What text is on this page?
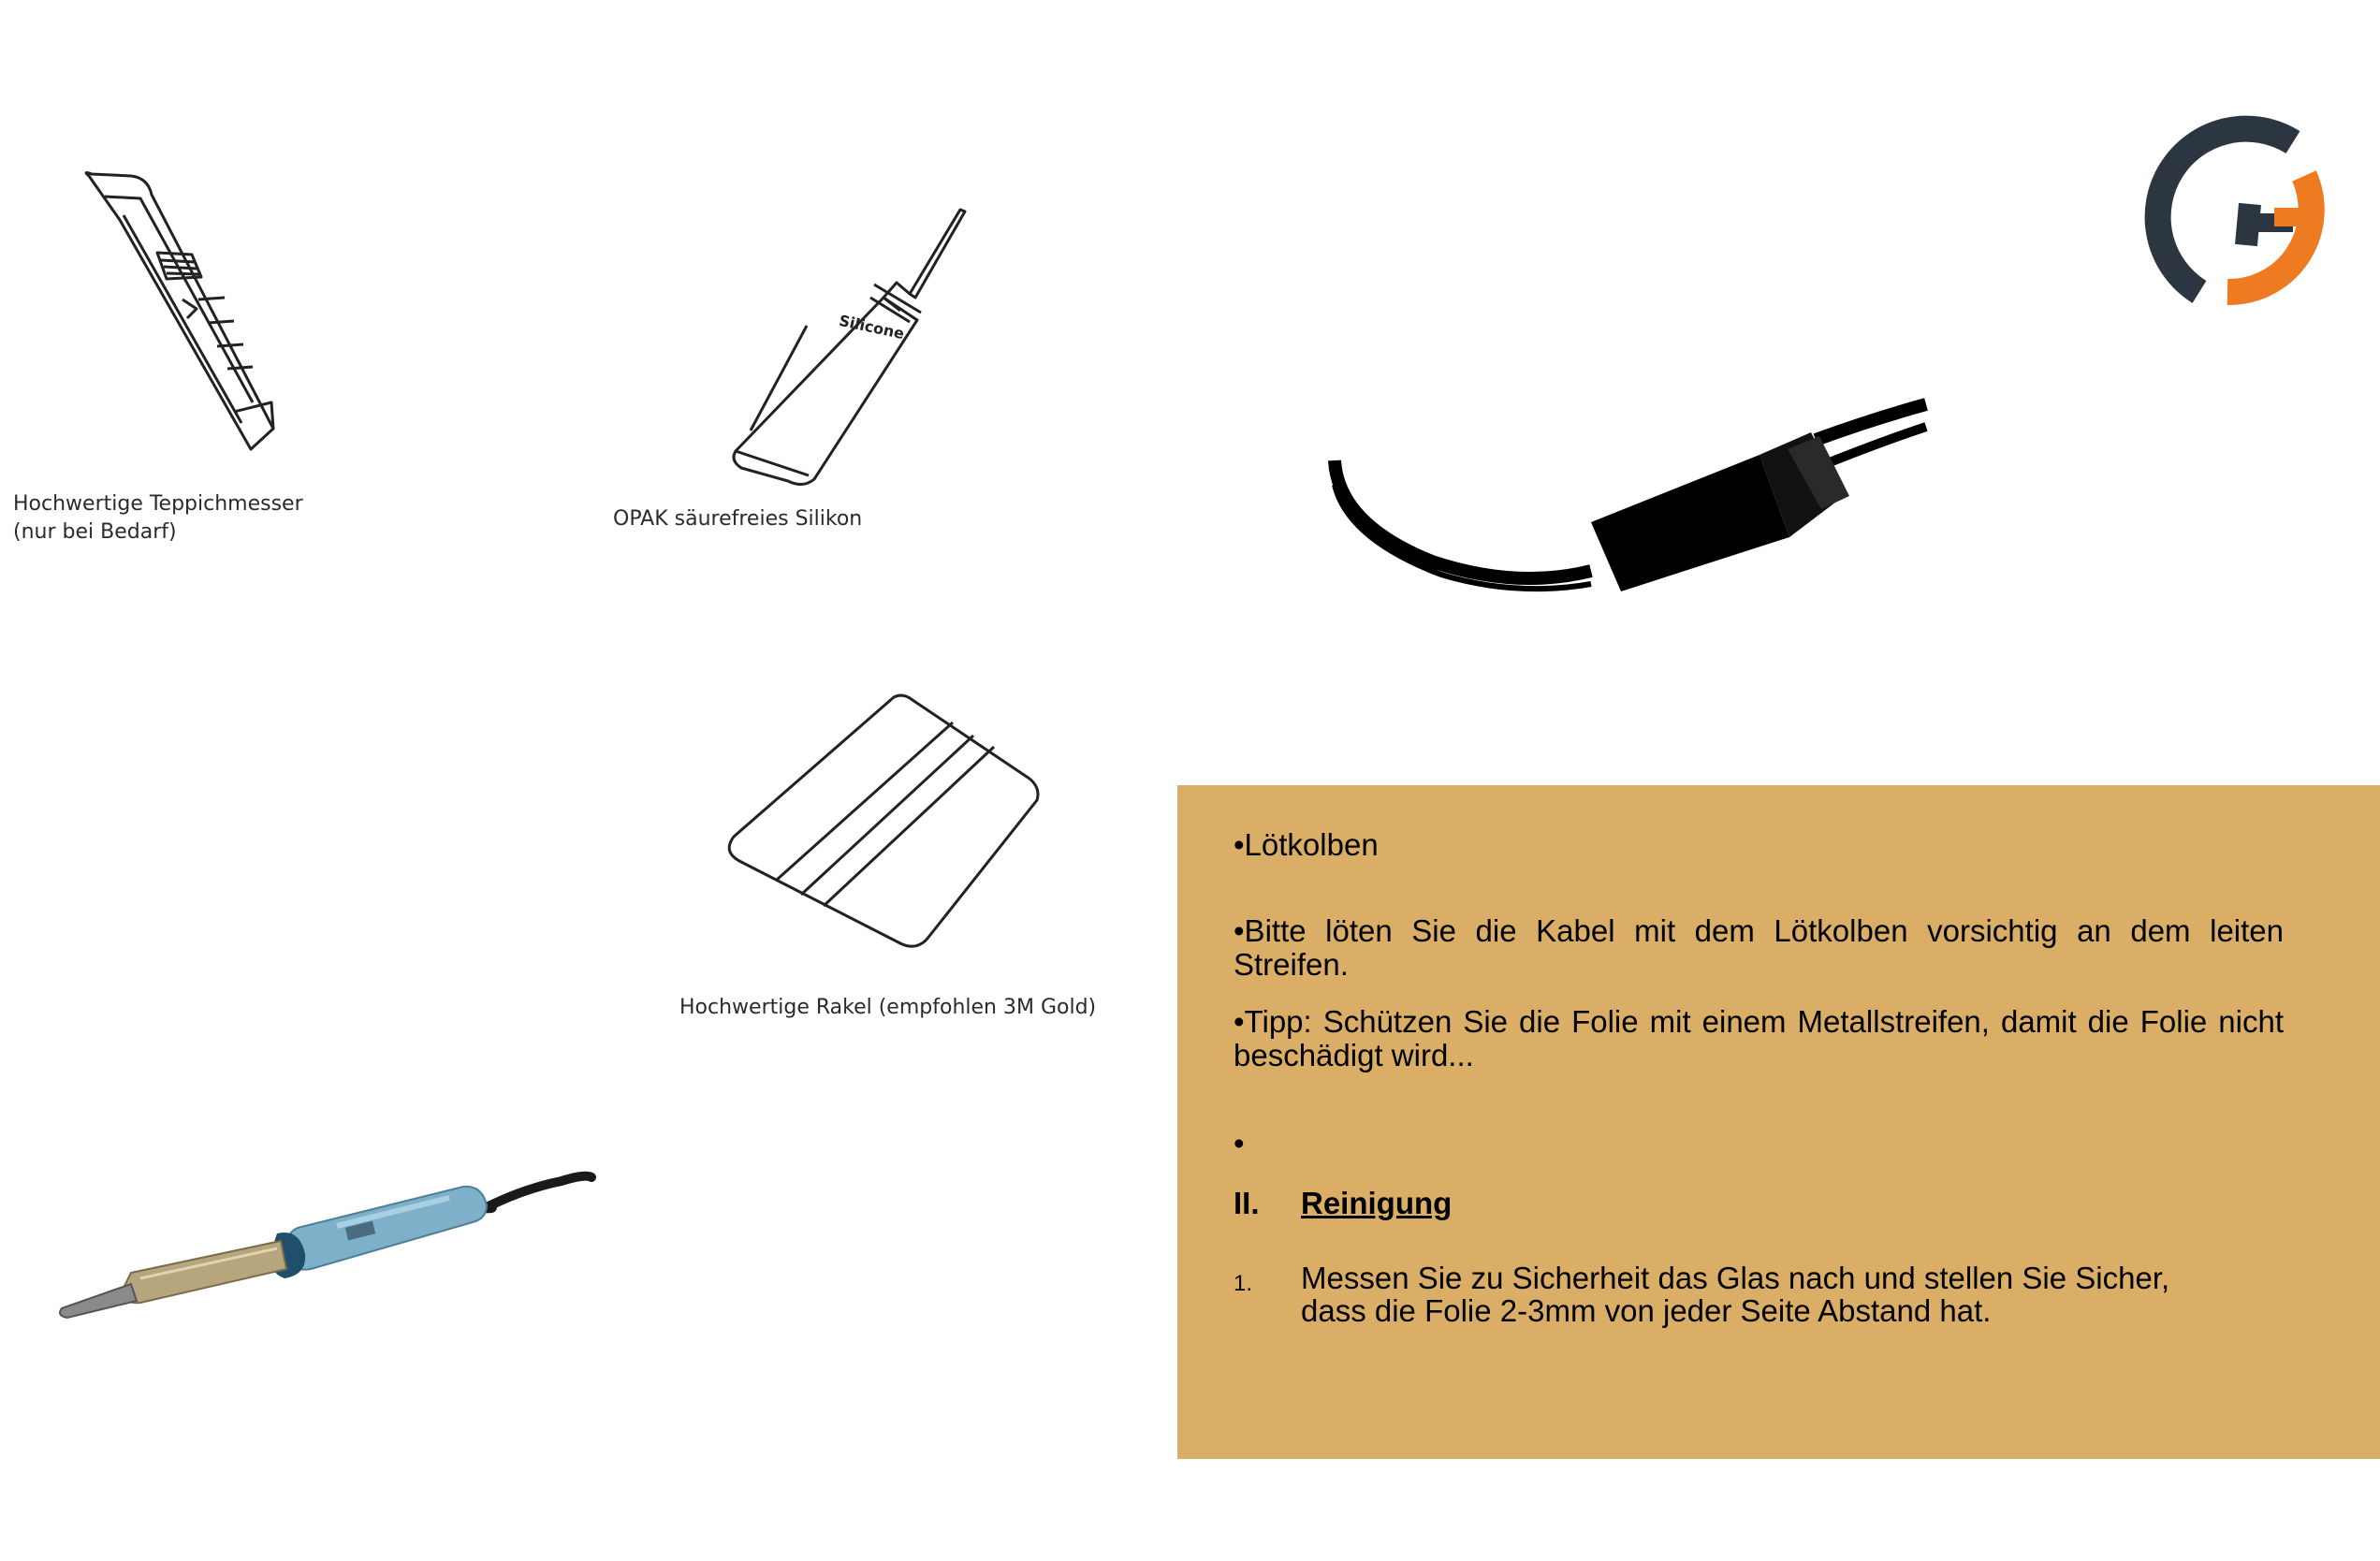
Hochwertige Teppichmesser
(nur bei Bedarf)
Silicone
OPAK säurefreies Silikon
Hochwertige Rakel (empfohlen 3M Gold)
•Lötkolben
•Bitte löten Sie die Kabel mit dem Lötkolben vorsichtig an dem leiten Streifen.
•Tipp: Schützen Sie die Folie mit einem Metallstreifen, damit die Folie nicht beschädigt wird...
•
II. Reinigung
1. Messen Sie zu Sicherheit das Glas nach und stellen Sie Sicher,
dass die Folie 2-3mm von jeder Seite Abstand hat.
